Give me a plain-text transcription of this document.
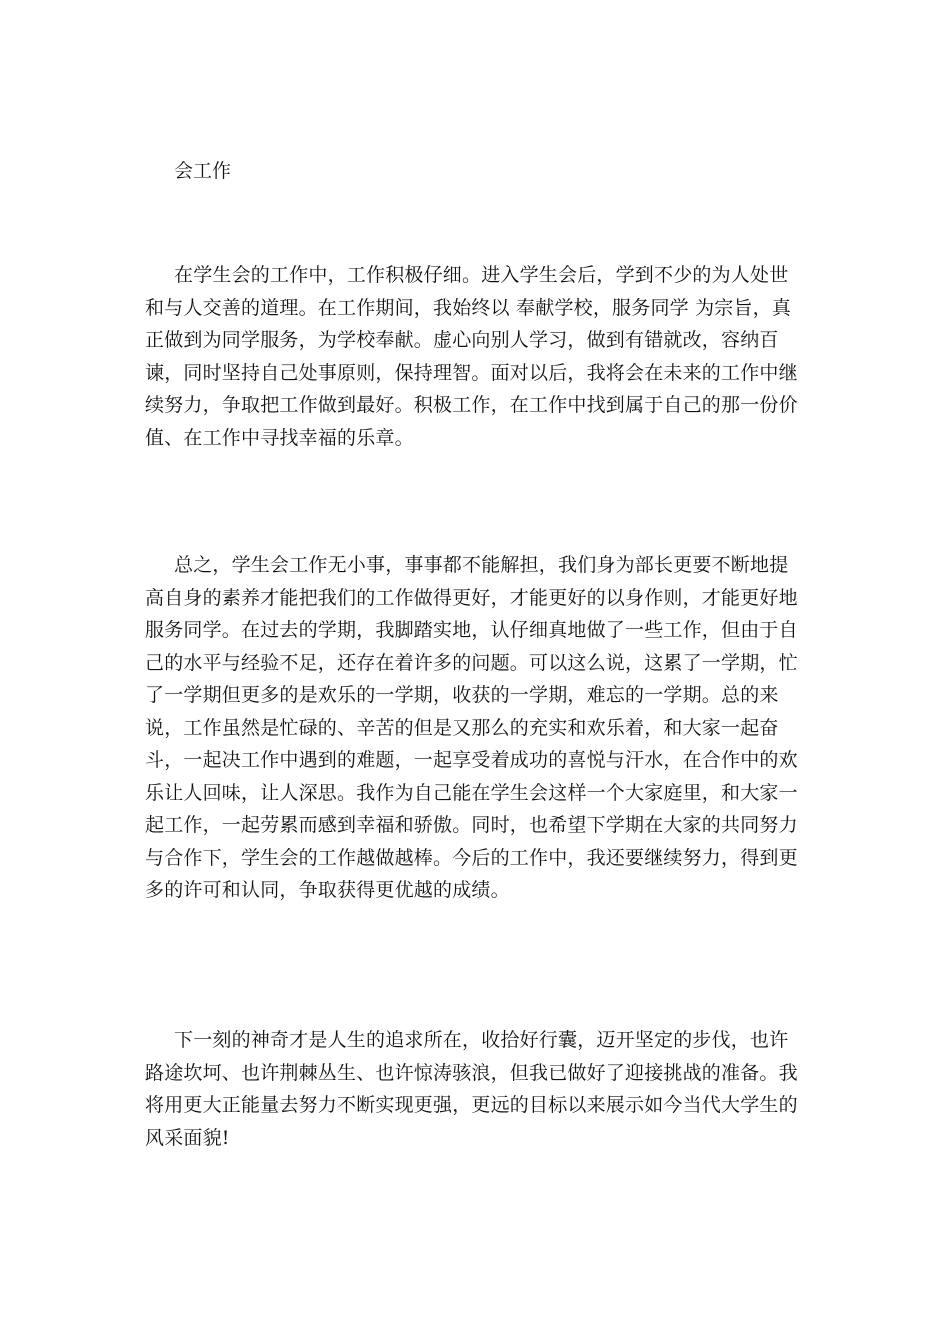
会工作

在学生会的工作中，工作积极仔细。进入学生会后，学到不少的为人处世和与人交善的道理。在工作期间，我始终以 奉献学校，服务同学 为宗旨，真正做到为同学服务，为学校奉献。虚心向别人学习，做到有错就改，容纳百谏，同时坚持自己处事原则，保持理智。面对以后，我将会在未来的工作中继续努力，争取把工作做到最好。积极工作，在工作中找到属于自己的那一份价值、在工作中寻找幸福的乐章。

总之，学生会工作无小事，事事都不能解担，我们身为部长更要不断地提高自身的素养才能把我们的工作做得更好，才能更好的以身作则，才能更好地服务同学。在过去的学期，我脚踏实地，认仔细真地做了一些工作，但由于自己的水平与经验不足，还存在着许多的问题。可以这么说，这累了一学期，忙了一学期但更多的是欢乐的一学期，收获的一学期，难忘的一学期。总的来说，工作虽然是忙碌的、辛苦的但是又那么的充实和欢乐着，和大家一起奋斗，一起决工作中遇到的难题，一起享受着成功的喜悦与汗水，在合作中的欢乐让人回味，让人深思。我作为自己能在学生会这样一个大家庭里，和大家一起工作，一起劳累而感到幸福和骄傲。同时，也希望下学期在大家的共同努力与合作下，学生会的工作越做越棒。今后的工作中，我还要继续努力，得到更多的许可和认同，争取获得更优越的成绩。

下一刻的神奇才是人生的追求所在，收拾好行囊，迈开坚定的步伐，也许路途坎坷、也许荆棘丛生、也许惊涛骇浪，但我已做好了迎接挑战的准备。我将用更大正能量去努力不断实现更强，更远的目标以来展示如今当代大学生的风采面貌!
